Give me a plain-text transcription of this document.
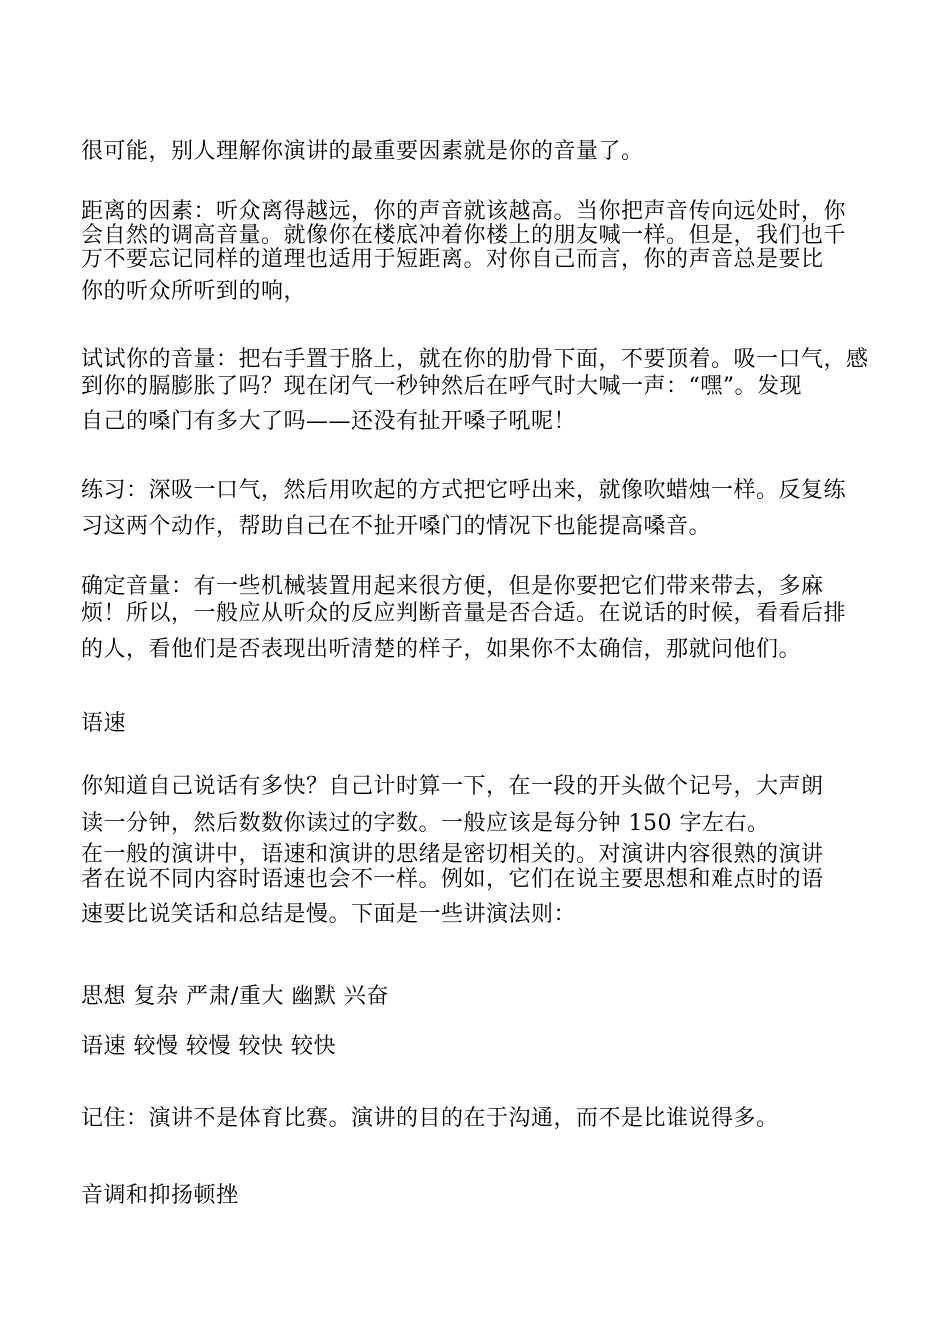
很可能，别人理解你演讲的最重要因素就是你的音量了。
距离的因素：听众离得越远，你的声音就该越高。当你把声音传向远处时，你
会自然的调高音量。就像你在楼底冲着你楼上的朋友喊一样。但是，我们也千
万不要忘记同样的道理也适用于短距离。对你自己而言，你的声音总是要比
你的听众所听到的响，
试试你的音量：把右手置于胳上，就在你的肋骨下面，不要顶着。吸一口气，感
到你的膈膨胀了吗？现在闭气一秒钟然后在呼气时大喊一声：“嘿”。发现
自己的嗓门有多大了吗——还没有扯开嗓子吼呢！
练习：深吸一口气，然后用吹起的方式把它呼出来，就像吹蜡烛一样。反复练
习这两个动作，帮助自己在不扯开嗓门的情况下也能提高嗓音。
确定音量：有一些机械装置用起来很方便，但是你要把它们带来带去，多麻
烦！所以，一般应从听众的反应判断音量是否合适。在说话的时候，看看后排
的人，看他们是否表现出听清楚的样子，如果你不太确信，那就问他们。
语速
你知道自己说话有多快？自己计时算一下，在一段的开头做个记号，大声朗
读一分钟，然后数数你读过的字数。一般应该是每分钟 150 字左右。
在一般的演讲中，语速和演讲的思绪是密切相关的。对演讲内容很熟的演讲
者在说不同内容时语速也会不一样。例如，它们在说主要思想和难点时的语
速要比说笑话和总结是慢。下面是一些讲演法则：
思想 复杂 严肃/重大 幽默 兴奋
语速 较慢 较慢 较快 较快
记住：演讲不是体育比赛。演讲的目的在于沟通，而不是比谁说得多。
音调和抑扬顿挫
